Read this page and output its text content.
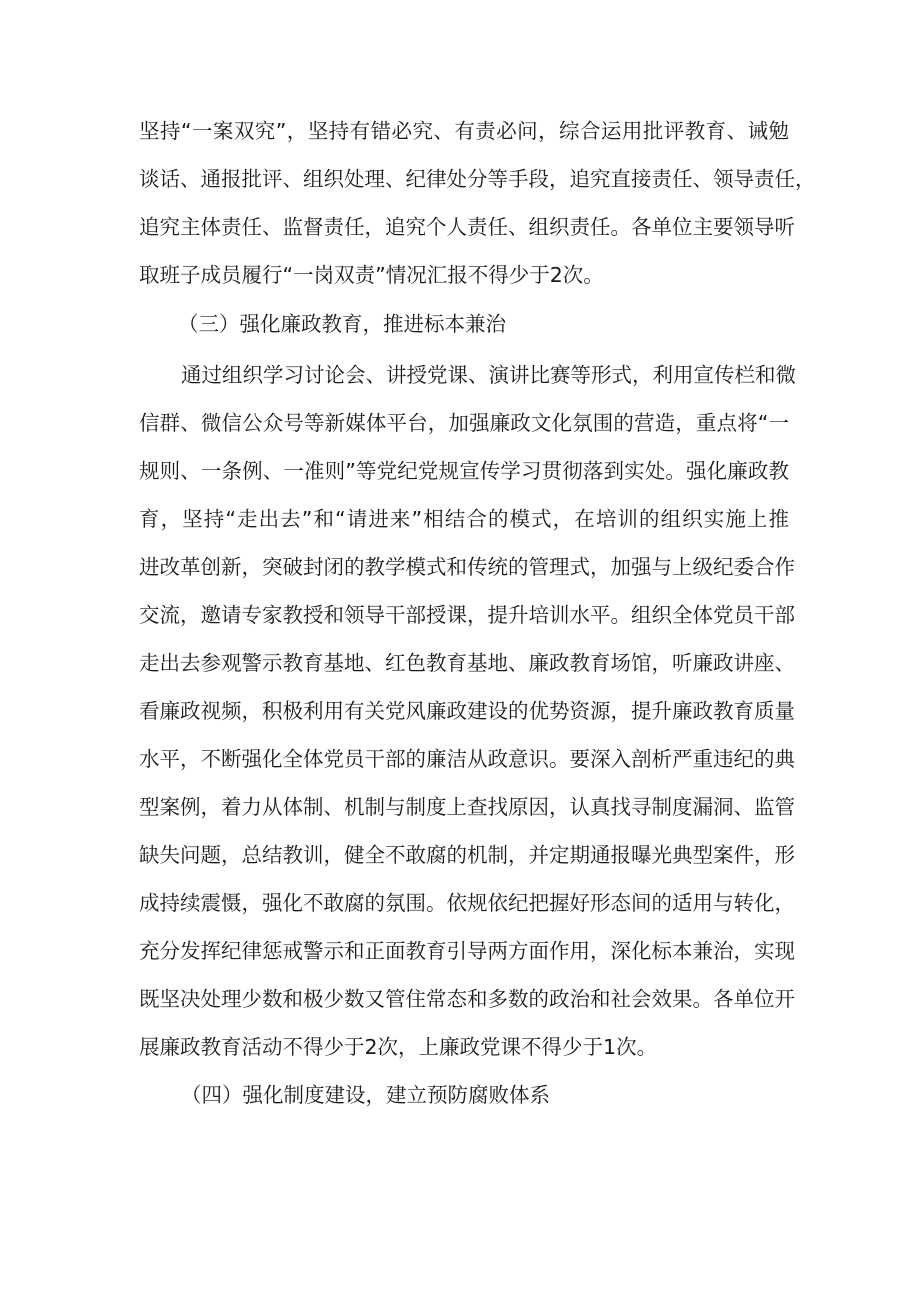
坚持“一案双究”，坚持有错必究、有责必问，综合运用批评教育、诫勉
谈话、通报批评、组织处理、纪律处分等手段，追究直接责任、领导责任，
追究主体责任、监督责任，追究个人责任、组织责任。各单位主要领导听
取班子成员履行“一岗双责”情况汇报不得少于2次。
（三）强化廉政教育，推进标本兼治
通过组织学习讨论会、讲授党课、演讲比赛等形式，利用宣传栏和微
信群、微信公众号等新媒体平台，加强廉政文化氛围的营造，重点将“一
规则、一条例、一准则”等党纪党规宣传学习贯彻落到实处。强化廉政教
育，坚持“走出去”和“请进来”相结合的模式，在培训的组织实施上推
进改革创新，突破封闭的教学模式和传统的管理式，加强与上级纪委合作
交流，邀请专家教授和领导干部授课，提升培训水平。组织全体党员干部
走出去参观警示教育基地、红色教育基地、廉政教育场馆，听廉政讲座、
看廉政视频，积极利用有关党风廉政建设的优势资源，提升廉政教育质量
水平，不断强化全体党员干部的廉洁从政意识。要深入剖析严重违纪的典
型案例，着力从体制、机制与制度上查找原因，认真找寻制度漏洞、监管
缺失问题，总结教训，健全不敢腐的机制，并定期通报曝光典型案件，形
成持续震慑，强化不敢腐的氛围。依规依纪把握好形态间的适用与转化，
充分发挥纪律惩戒警示和正面教育引导两方面作用，深化标本兼治，实现
既坚决处理少数和极少数又管住常态和多数的政治和社会效果。各单位开
展廉政教育活动不得少于2次，上廉政党课不得少于1次。
（四）强化制度建设，建立预防腐败体系
